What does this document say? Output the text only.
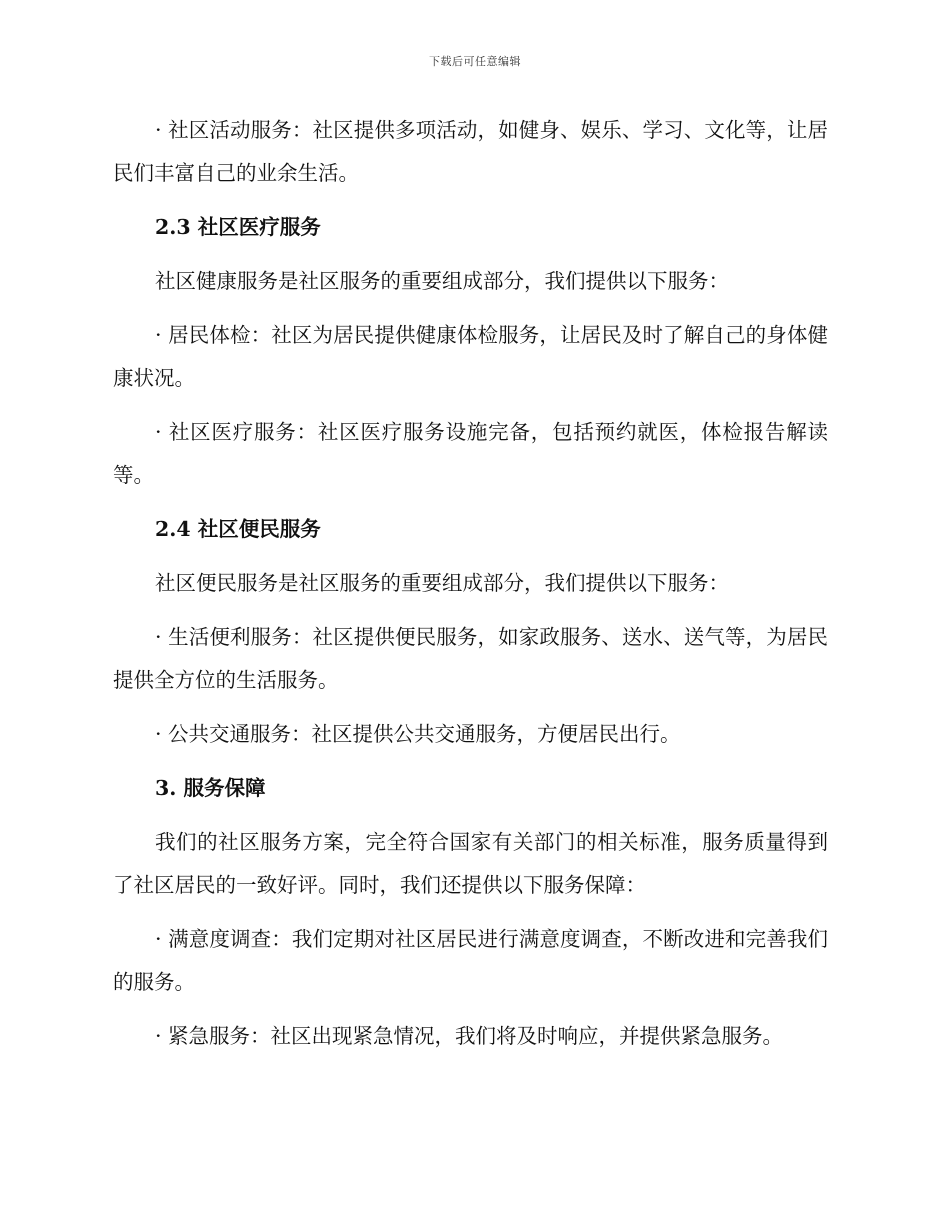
下载后可任意编辑

· 社区活动服务：社区提供多项活动，如健身、娱乐、学习、文化等，让居民们丰富自己的业余生活。

2.3 社区医疗服务

社区健康服务是社区服务的重要组成部分，我们提供以下服务：

· 居民体检：社区为居民提供健康体检服务，让居民及时了解自己的身体健康状况。

· 社区医疗服务：社区医疗服务设施完备，包括预约就医，体检报告解读等。

2.4 社区便民服务

社区便民服务是社区服务的重要组成部分，我们提供以下服务：

· 生活便利服务：社区提供便民服务，如家政服务、送水、送气等，为居民提供全方位的生活服务。

· 公共交通服务：社区提供公共交通服务，方便居民出行。

3. 服务保障

我们的社区服务方案，完全符合国家有关部门的相关标准，服务质量得到了社区居民的一致好评。同时，我们还提供以下服务保障：

· 满意度调查：我们定期对社区居民进行满意度调查，不断改进和完善我们的服务。

· 紧急服务：社区出现紧急情况，我们将及时响应，并提供紧急服务。
